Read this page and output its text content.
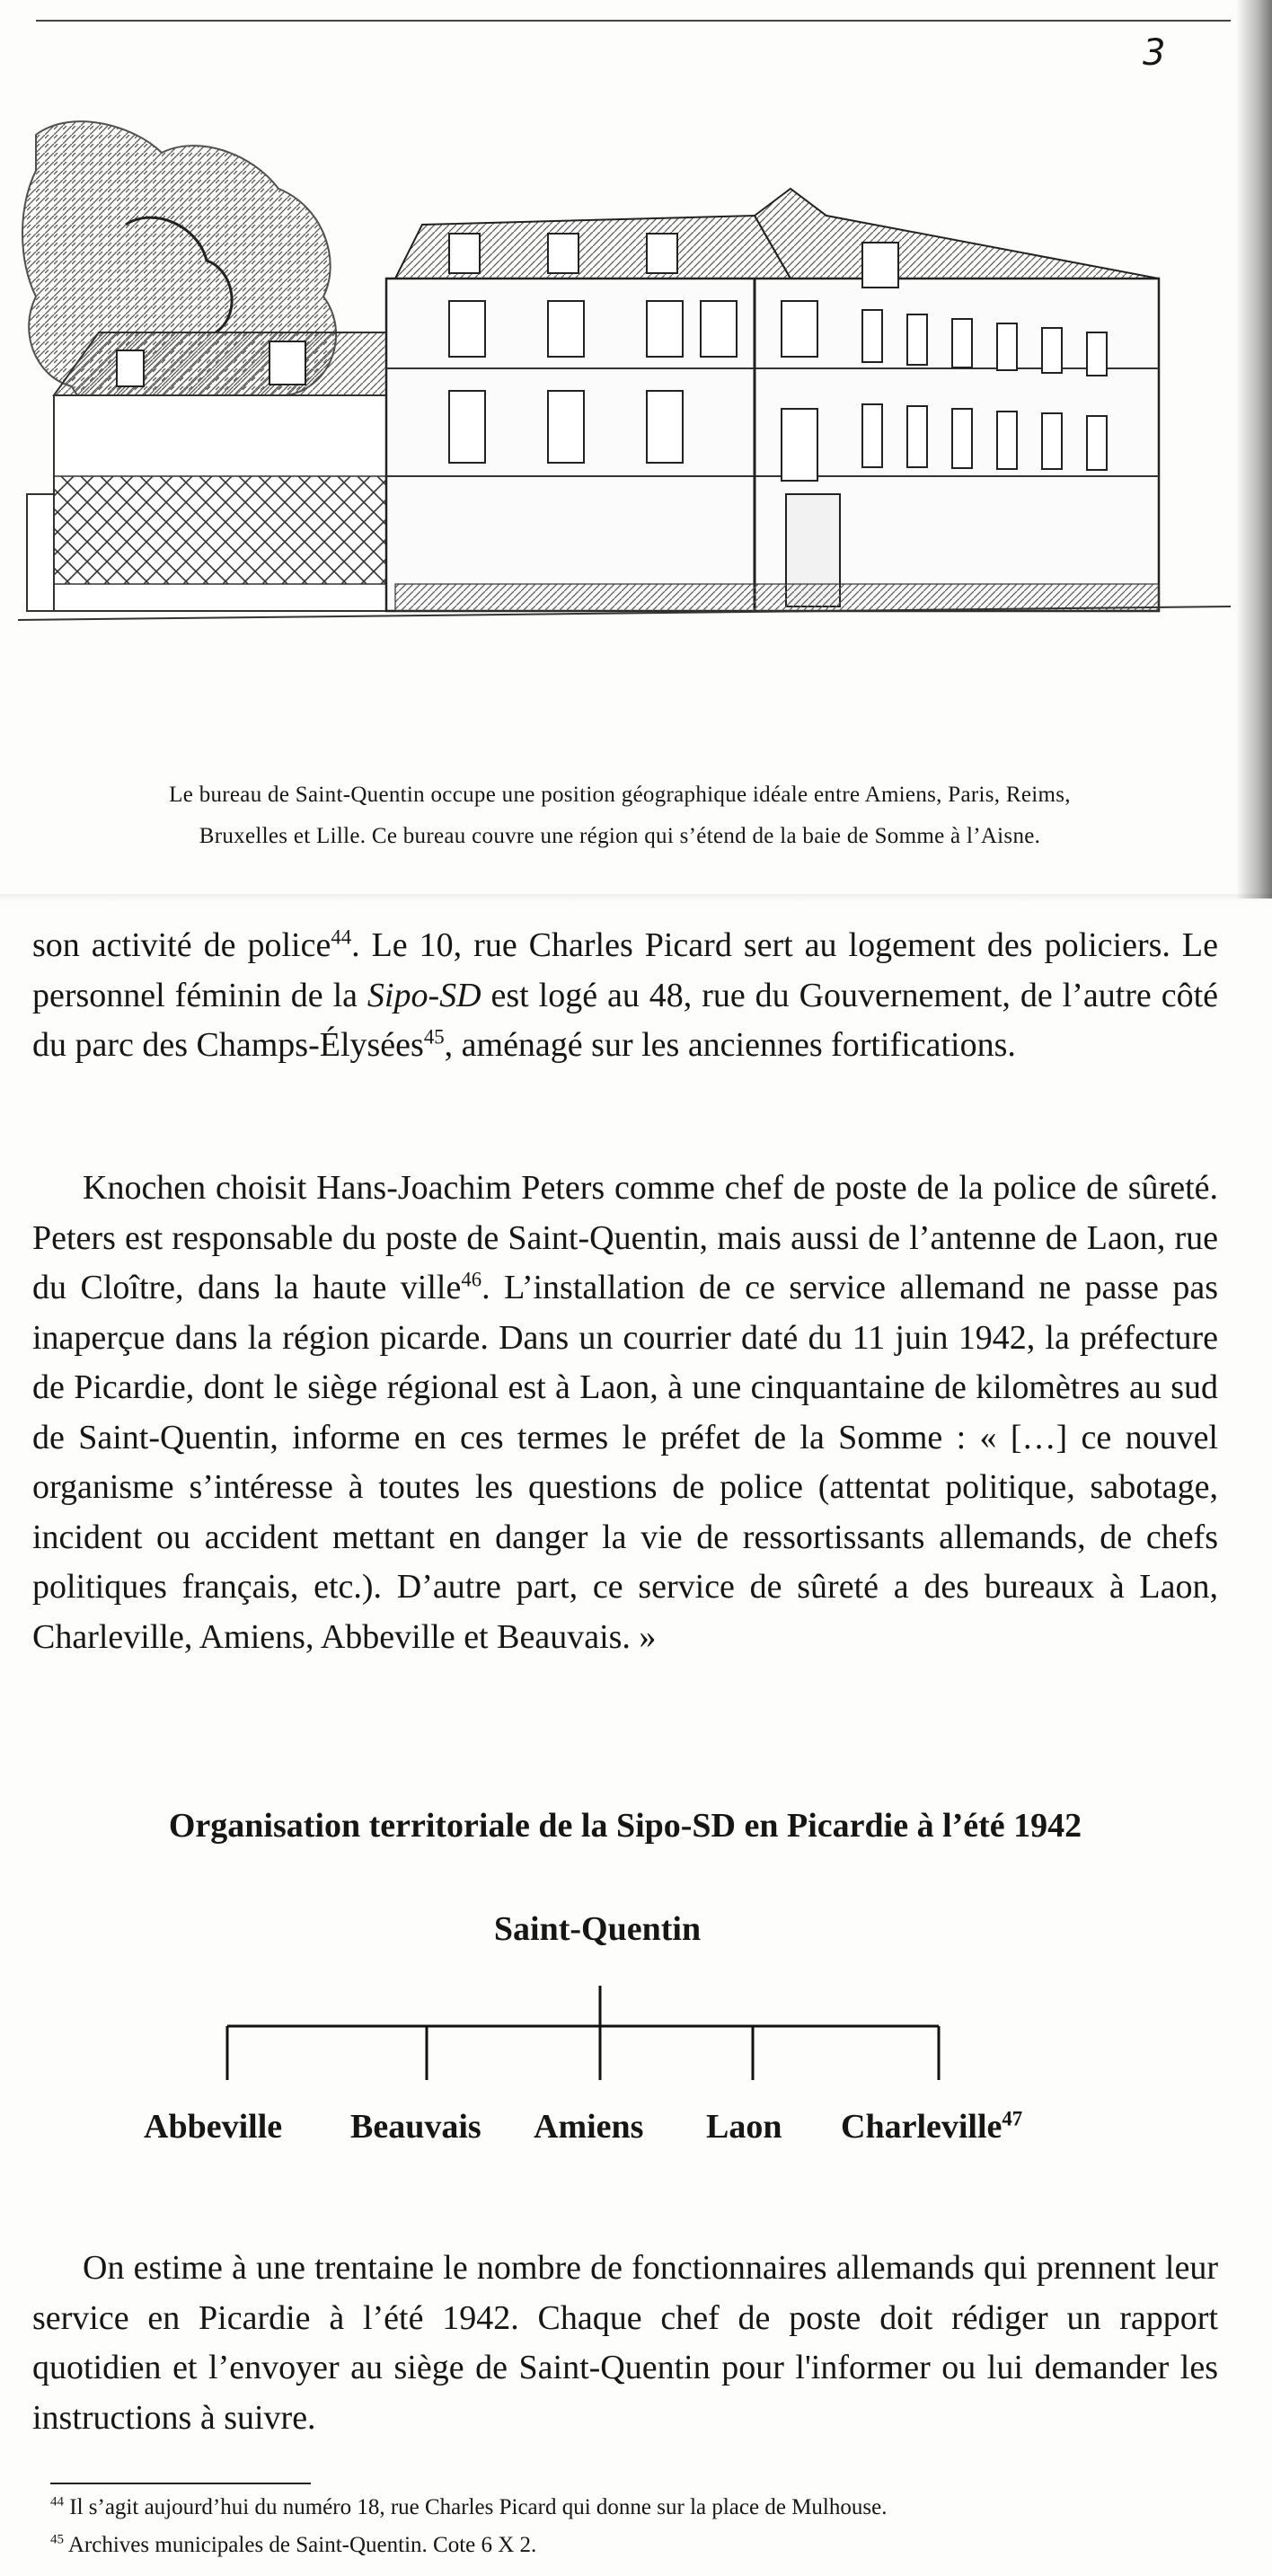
3

Le bureau de Saint-Quentin occupe une position géographique idéale entre Amiens, Paris, Reims,

Bruxelles et Lille. Ce bureau couvre une région qui s’étend de la baie de Somme à l’Aisne.

son activité de police$^{44}$. Le 10, rue Charles Picard sert au logement des policiers. Le personnel féminin de la Sipo-SD est logé au 48, rue du Gouvernement, de l’autre côté du parc des Champs-Élysées$^{45}$, aménagé sur les anciennes fortifications.

Knochen choisit Hans-Joachim Peters comme chef de poste de la police de sûreté. Peters est responsable du poste de Saint-Quentin, mais aussi de l’antenne de Laon, rue du Cloître, dans la haute ville$^{46}$. L’installation de ce service allemand ne passe pas inaperçue dans la région picarde. Dans un courrier daté du 11 juin 1942, la préfecture de Picardie, dont le siège régional est à Laon, à une cinquantaine de kilomètres au sud de Saint-Quentin, informe en ces termes le préfet de la Somme : « […] ce nouvel organisme s’intéresse à toutes les questions de police (attentat politique, sabotage, incident ou accident mettant en danger la vie de ressortissants allemands, de chefs politiques français, etc.). D’autre part, ce service de sûreté a des bureaux à Laon, Charleville, Amiens, Abbeville et Beauvais. »

Organisation territoriale de la Sipo-SD en Picardie à l’été 1942
Saint-Quentin
Abbeville Beauvais Amiens Laon Charleville$^{47}$

On estime à une trentaine le nombre de fonctionnaires allemands qui prennent leur service en Picardie à l’été 1942. Chaque chef de poste doit rédiger un rapport quotidien et l’envoyer au siège de Saint-Quentin pour l'informer ou lui demander les instructions à suivre.

$^{44}$ Il s’agit aujourd’hui du numéro 18, rue Charles Picard qui donne sur la place de Mulhouse.

$^{45}$ Archives municipales de Saint-Quentin. Cote 6 X 2.
